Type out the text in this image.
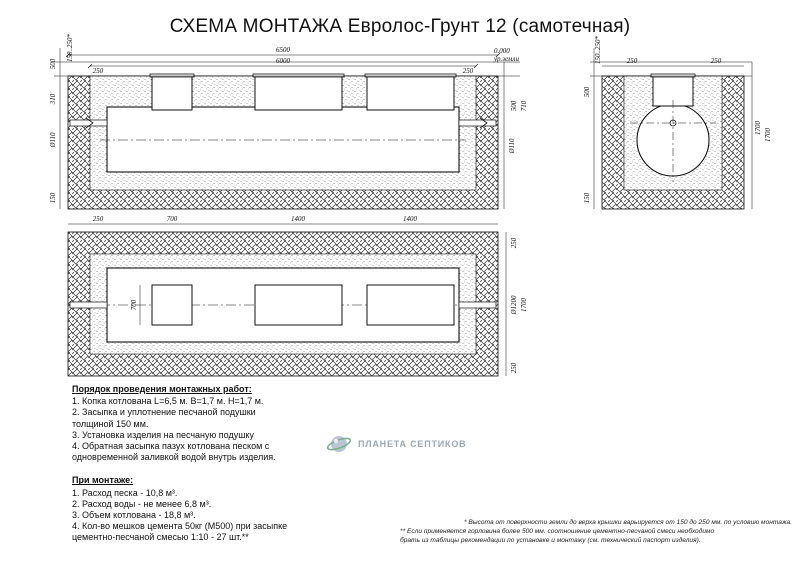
СХЕМА МОНТАЖА Евролос-Грунт 12 (самотечная)
6500
6000
250	250
0.000
ур.земли
500
150..250*
310
Ø110
150
500 710
Ø110
250	250
500
150..250*
150
1700 1700
250	700	1400	1400
700
250
Ø1200 1700
250
Порядок проведения монтажных работ:
1. Копка котлована L=6,5 м. B=1,7 м. H=1,7 м.
2. Засыпка и уплотнение песчаной подушки
толщиной 150 мм.
3. Установка изделия на песчаную подушку
4. Обратная засыпка пазух котлована песком с
одновременной заливкой водой внутрь изделия.
При монтаже:
1. Расход песка - 10,8 м³.
2. Расход воды - не менее 6,8 м³.
3. Объем котлована - 18,8 м³.
4. Кол-во мешков цемента 50кг (М500) при засыпке
цементно-песчаной смесью 1:10 - 27 шт.**
ПЛАНЕТА СЕПТИКОВ
* Высота от поверхности земли до верха крышки варьируется от 150 до 250 мм. по условию монтажа.
** Если применяется горловина более 500 мм. соотношение цементно-песчаной смеси необходимо
брать из таблицы рекомендации по установке и монтажу (см. технический паспорт изделия).
